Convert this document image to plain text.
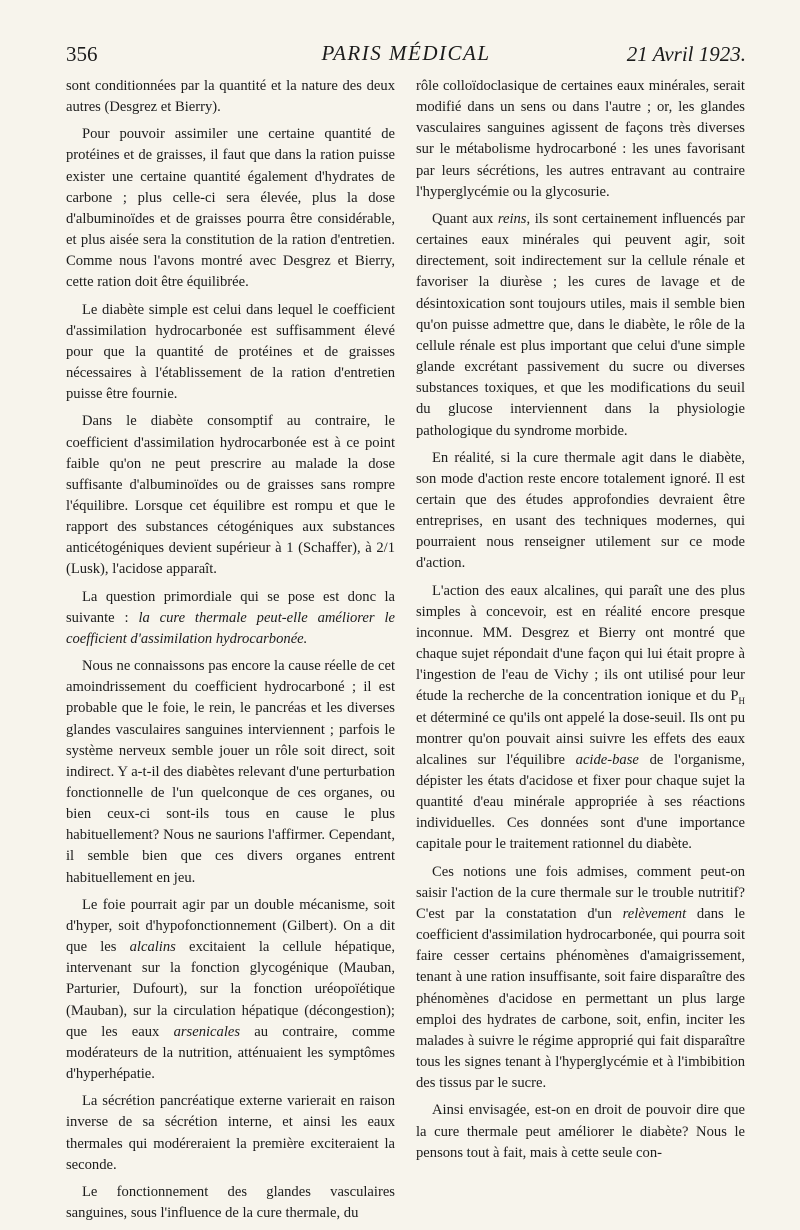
356	PARIS MÉDICAL	21 Avril 1923.

sont conditionnées par la quantité et la nature des deux autres (Desgrez et Bierry).

Pour pouvoir assimiler une certaine quantité de protéines et de graisses, il faut que dans la ration puisse exister une certaine quantité également d'hydrates de carbone ; plus celle-ci sera élevée, plus la dose d'albuminoïdes et de graisses pourra être considérable, et plus aisée sera la constitution de la ration d'entretien. Comme nous l'avons montré avec Desgrez et Bierry, cette ration doit être équilibrée.

Le diabète simple est celui dans lequel le coefficient d'assimilation hydrocarbonée est suffisamment élevé pour que la quantité de protéines et de graisses nécessaires à l'établissement de la ration d'entretien puisse être fournie.

Dans le diabète consomptif au contraire, le coefficient d'assimilation hydrocarbonée est à ce point faible qu'on ne peut prescrire au malade la dose suffisante d'albuminoïdes ou de graisses sans rompre l'équilibre. Lorsque cet équilibre est rompu et que le rapport des substances cétogéniques aux substances anticétogéniques devient supérieur à 1 (Schaffer), à 2/1 (Lusk), l'acidose apparaît.

La question primordiale qui se pose est donc la suivante : la cure thermale peut-elle améliorer le coefficient d'assimilation hydrocarbonée.

Nous ne connaissons pas encore la cause réelle de cet amoindrissement du coefficient hydrocarboné ; il est probable que le foie, le rein, le pancréas et les diverses glandes vasculaires sanguines interviennent ; parfois le système nerveux semble jouer un rôle soit direct, soit indirect. Y a-t-il des diabètes relevant d'une perturbation fonctionnelle de l'un quelconque de ces organes, ou bien ceux-ci sont-ils tous en cause le plus habituellement? Nous ne saurions l'affirmer. Cependant, il semble bien que ces divers organes entrent habituellement en jeu.

Le foie pourrait agir par un double mécanisme, soit d'hyper, soit d'hypofonctionnement (Gilbert). On a dit que les alcalins excitaient la cellule hépatique, intervenant sur la fonction glycogénique (Mauban, Parturier, Dufourt), sur la fonction uréopoïétique (Mauban), sur la circulation hépatique (décongestion); que les eaux arsenicales au contraire, comme modérateurs de la nutrition, atténuaient les symptômes d'hyperhépatie.

La sécrétion pancréatique externe varierait en raison inverse de sa sécrétion interne, et ainsi les eaux thermales qui modéreraient la première exciteraient la seconde.

Le fonctionnement des glandes vasculaires sanguines, sous l'influence de la cure thermale, du

rôle colloïdoclasique de certaines eaux minérales, serait modifié dans un sens ou dans l'autre ; or, les glandes vasculaires sanguines agissent de façons très diverses sur le métabolisme hydrocarboné : les unes favorisant par leurs sécrétions, les autres entravant au contraire l'hyperglycémie ou la glycosurie.

Quant aux reins, ils sont certainement influencés par certaines eaux minérales qui peuvent agir, soit directement, soit indirectement sur la cellule rénale et favoriser la diurèse ; les cures de lavage et de désintoxication sont toujours utiles, mais il semble bien qu'on puisse admettre que, dans le diabète, le rôle de la cellule rénale est plus important que celui d'une simple glande excrétant passivement du sucre ou diverses substances toxiques, et que les modifications du seuil du glucose interviennent dans la physiologie pathologique du syndrome morbide.

En réalité, si la cure thermale agit dans le diabète, son mode d'action reste encore totalement ignoré. Il est certain que des études approfondies devraient être entreprises, en usant des techniques modernes, qui pourraient nous renseigner utilement sur ce mode d'action.

L'action des eaux alcalines, qui paraît une des plus simples à concevoir, est en réalité encore presque inconnue. MM. Desgrez et Bierry ont montré que chaque sujet répondait d'une façon qui lui était propre à l'ingestion de l'eau de Vichy ; ils ont utilisé pour leur étude la recherche de la concentration ionique et du $P_H$ et déterminé ce qu'ils ont appelé la dose-seuil. Ils ont pu montrer qu'on pouvait ainsi suivre les effets des eaux alcalines sur l'équilibre acide-base de l'organisme, dépister les états d'acidose et fixer pour chaque sujet la quantité d'eau minérale appropriée à ses réactions individuelles. Ces données sont d'une importance capitale pour le traitement rationnel du diabète.

Ces notions une fois admises, comment peut-on saisir l'action de la cure thermale sur le trouble nutritif? C'est par la constatation d'un relèvement dans le coefficient d'assimilation hydrocarbonée, qui pourra soit faire cesser certains phénomènes d'amaigrissement, tenant à une ration insuffisante, soit faire disparaître des phénomènes d'acidose en permettant un plus large emploi des hydrates de carbone, soit, enfin, inciter les malades à suivre le régime approprié qui fait disparaître tous les signes tenant à l'hyperglycémie et à l'imbibition des tissus par le sucre.

Ainsi envisagée, est-on en droit de pouvoir dire que la cure thermale peut améliorer le diabète? Nous le pensons tout à fait, mais à cette seule con-
